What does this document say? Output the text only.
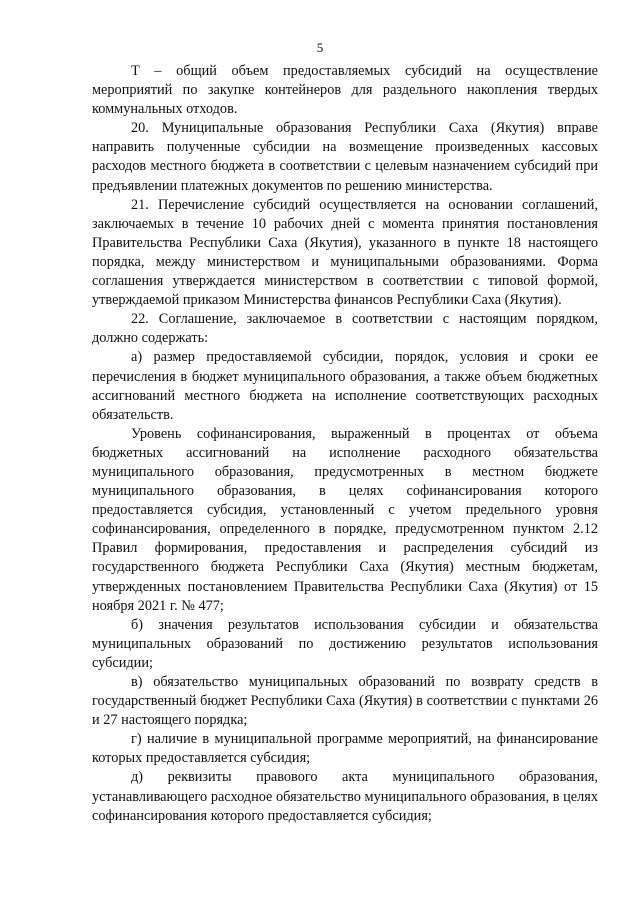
5

Т – общий объем предоставляемых субсидий на осуществление мероприятий по закупке контейнеров для раздельного накопления твердых коммунальных отходов.

20. Муниципальные образования Республики Саха (Якутия) вправе направить полученные субсидии на возмещение произведенных кассовых расходов местного бюджета в соответствии с целевым назначением субсидий при предъявлении платежных документов по решению министерства.

21. Перечисление субсидий осуществляется на основании соглашений, заключаемых в течение 10 рабочих дней с момента принятия постановления Правительства Республики Саха (Якутия), указанного в пункте 18 настоящего порядка, между министерством и муниципальными образованиями. Форма соглашения утверждается министерством в соответствии с типовой формой, утверждаемой приказом Министерства финансов Республики Саха (Якутия).

22. Соглашение, заключаемое в соответствии с настоящим порядком, должно содержать:

а) размер предоставляемой субсидии, порядок, условия и сроки ее перечисления в бюджет муниципального образования, а также объем бюджетных ассигнований местного бюджета на исполнение соответствующих расходных обязательств.

Уровень софинансирования, выраженный в процентах от объема бюджетных ассигнований на исполнение расходного обязательства муниципального образования, предусмотренных в местном бюджете муниципального образования, в целях софинансирования которого предоставляется субсидия, установленный с учетом предельного уровня софинансирования, определенного в порядке, предусмотренном пунктом 2.12 Правил формирования, предоставления и распределения субсидий из государственного бюджета Республики Саха (Якутия) местным бюджетам, утвержденных постановлением Правительства Республики Саха (Якутия) от 15 ноября 2021 г. № 477;

б) значения результатов использования субсидии и обязательства муниципальных образований по достижению результатов использования субсидии;

в) обязательство муниципальных образований по возврату средств в государственный бюджет Республики Саха (Якутия) в соответствии с пунктами 26 и 27 настоящего порядка;

г) наличие в муниципальной программе мероприятий, на финансирование которых предоставляется субсидия;

д) реквизиты правового акта муниципального образования, устанавливающего расходное обязательство муниципального образования, в целях софинансирования которого предоставляется субсидия;
